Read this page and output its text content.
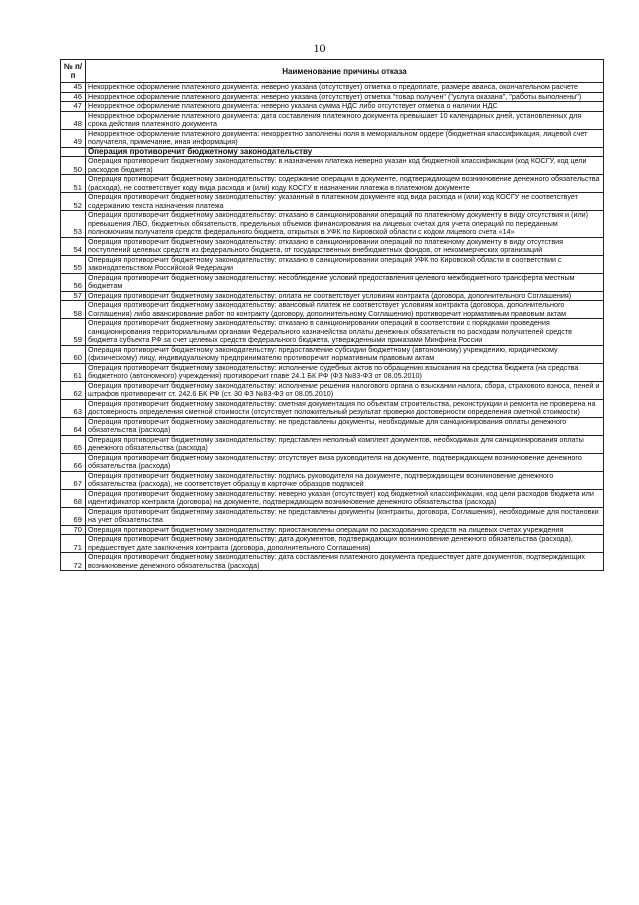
10
№ п/п	Наименование причины отказа
45	Некорректное оформление платежного документа: неверно указана (отсутствует) отметка о предоплате, размере аванса, окончательном расчете
46	Некорректное оформление платежного документа: неверно указана (отсутствует) отметка "товар получен" ("услуга оказана", "работы выполнены")
47	Некорректное оформление платежного документа: неверно указана сумма НДС либо отсутствует отметка о наличии НДС
48	Некорректное оформление платежного документа: дата составления платежного документа превышает 10 календарных дней, установленных для срока действия платежного документа
49	Некорректное оформление платежного документа: некорректно заполнены поля в мемориальном ордере (бюджетная классификация, лицевой счет получателя, примечание, иная информация)
	Операция противоречит бюджетному законодательству
50	Операция противоречит бюджетному законодательству: в назначении платежа неверно указан код бюджетной классификации (код КОСГУ, код цели расходов бюджета)
51	Операция противоречит бюджетному законодательству: содержание операции в документе, подтверждающем возникновение денежного обязательства (расхода), не соответствует коду вида расхода и (или) коду КОСГУ в назначении платежа в платежном документе
52	Операция противоречит бюджетному законодательству: указанный в платежном документе код вида расхода и (или) код КОСГУ не соответствует содержанию текста назначения платежа
53	Операция противоречит бюджетному законодательству: отказано в санкционировании операций по платежному документу в виду отсутствия и (или) превышения ЛБО, бюджетных обязательств, предельных объемов финансирования на лицевых счетах для учета операций по переданным полномочиям получателя средств федерального бюджета, открытых в УФК по Кировской области с кодом лицевого счета «14»
54	Операция противоречит бюджетному законодательству: отказано в санкционировании операций по платежному документу в виду отсутствия поступлений целевых средств из федерального бюджета, от государственных внебюджетных фондов, от некоммерческих организаций
55	Операция противоречит бюджетному законодательству: отказано в санкционировании операций УФК по Кировской области в соответствии с законодательством Российской Федерации
56	Операция противоречит бюджетному законодательству: несоблюдение условий предоставления целевого межбюджетного трансферта местным бюджетам
57	Операция противоречит бюджетному законодательству: оплата не соответствует условиям контракта (договора, дополнительного Соглашения)
58	Операция противоречит бюджетному законодательству: авансовый платеж не соответствует условиям контракта (договора, дополнительного Соглашения) либо авансирование работ по контракту (договору, дополнительному Соглашению) противоречит нормативным правовым актам
59	Операция противоречит бюджетному законодательству: отказано в санкционировании операций в соответствии с порядками проведения санкционирования территориальными органами Федерального казначейства оплаты денежных обязательств по расходам получателей средств бюджета субъекта РФ за счет целевых средств федерального бюджета, утвержденными приказами Минфина России
60	Операция противоречит бюджетному законодательству: предоставление субсидии бюджетному (автономному) учреждению, юридическому (физическому) лицу, индивидуальному предпринимателю противоречит нормативным правовым актам
61	Операция противоречит бюджетному законодательству: исполнение судебных актов по обращению взыскания на средства бюджета (на средства бюджетного (автономного) учреждения) противоречит главе 24.1 БК РФ (ФЗ №83-ФЗ от 08.05.2010)
62	Операция противоречит бюджетному законодательству: исполнение решения налогового органа о взыскании налога, сбора, страхового взноса, пеней и штрафов противоречит ст. 242.6 БК РФ (ст. 30 ФЗ №83-ФЗ от 08.05.2010)
63	Операция противоречит бюджетному законодательству: сметная документация по объектам строительства, реконструкции и ремонта не проверена на достоверность определения сметной стоимости (отсутствует положительный результат проверки достоверности определения сметной стоимости)
64	Операция противоречит бюджетному законодательству: не представлены документы, необходимые для санкционирования оплаты денежного обязательства (расхода)
65	Операция противоречит бюджетному законодательству: представлен неполный комплект документов, необходимых для санкционирования оплаты денежного обязательства (расхода)
66	Операция противоречит бюджетному законодательству: отсутствует виза руководителя на документе, подтверждающем возникновение денежного обязательства (расхода)
67	Операция противоречит бюджетному законодательству: подпись руководителя на документе, подтверждающем возникновение денежного обязательства (расхода), не соответствует образцу в карточке образцов подписей
68	Операция противоречит бюджетному законодательству: неверно указан (отсутствует) код бюджетной классификации, код цели расходов бюджета или идентификатор контракта (договора) на документе, подтверждающем возникновение денежного обязательства (расхода)
69	Операция противоречит бюджетному законодательству: не представлены документы (контракты, договора, Соглашения), необходимые для постановки на учет обязательства
70	Операция противоречит бюджетному законодательству: приостановлены операции по расходованию средств на лицевых счетах учреждения
71	Операция противоречит бюджетному законодательству: дата документов, подтверждающих возникновение денежного обязательства (расхода), предшествует дате заключения контракта (договора, дополнительного Соглашения)
72	Операция противоречит бюджетному законодательству: дата составления платежного документа предшествует дате документов, подтверждающих возникновение денежного обязательства (расхода)
